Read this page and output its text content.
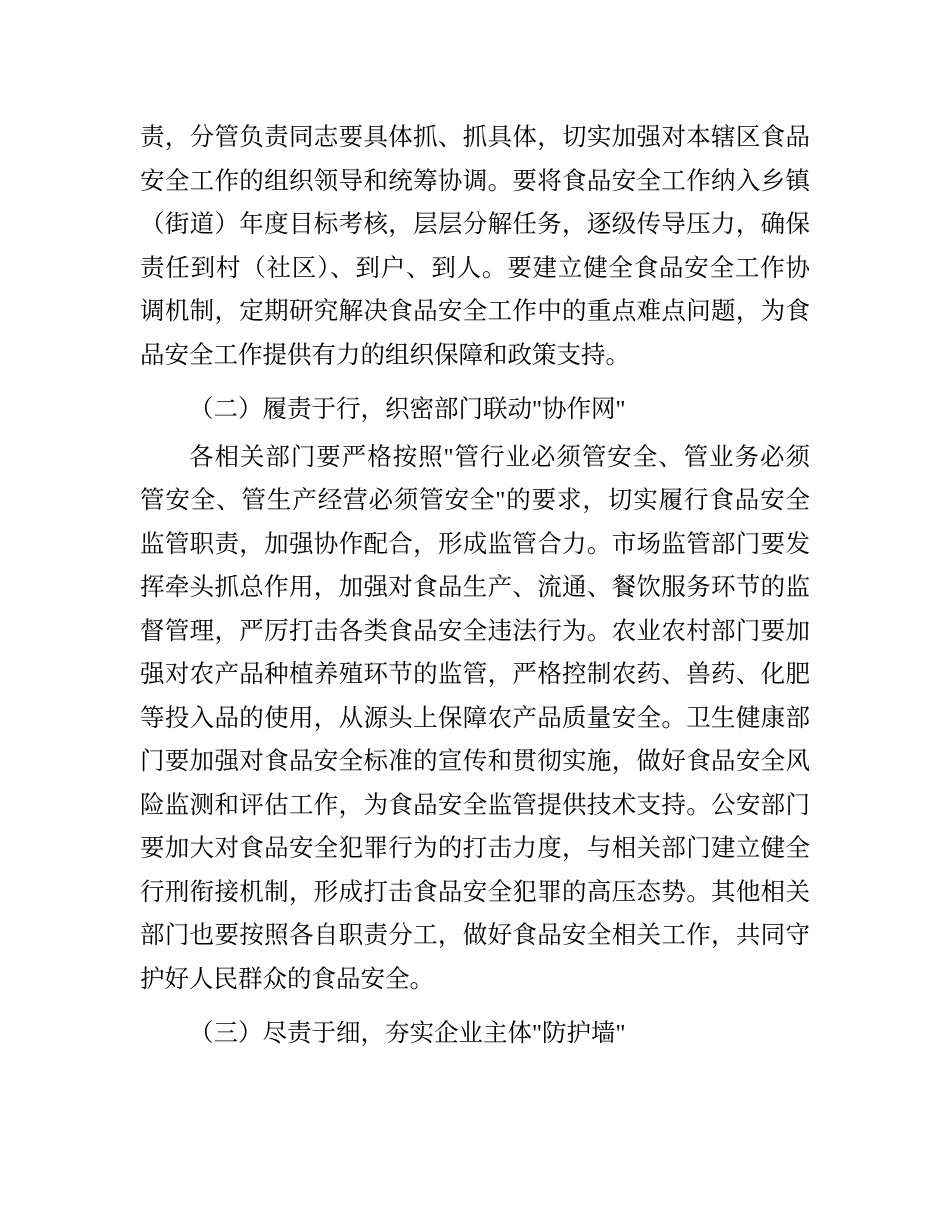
责，分管负责同志要具体抓、抓具体，切实加强对本辖区食品安全工作的组织领导和统筹协调。要将食品安全工作纳入乡镇（街道）年度目标考核，层层分解任务，逐级传导压力，确保责任到村（社区）、到户、到人。要建立健全食品安全工作协调机制，定期研究解决食品安全工作中的重点难点问题，为食品安全工作提供有力的组织保障和政策支持。

（二）履责于行，织密部门联动"协作网"

各相关部门要严格按照"管行业必须管安全、管业务必须管安全、管生产经营必须管安全"的要求，切实履行食品安全监管职责，加强协作配合，形成监管合力。市场监管部门要发挥牵头抓总作用，加强对食品生产、流通、餐饮服务环节的监督管理，严厉打击各类食品安全违法行为。农业农村部门要加强对农产品种植养殖环节的监管，严格控制农药、兽药、化肥等投入品的使用，从源头上保障农产品质量安全。卫生健康部门要加强对食品安全标准的宣传和贯彻实施，做好食品安全风险监测和评估工作，为食品安全监管提供技术支持。公安部门要加大对食品安全犯罪行为的打击力度，与相关部门建立健全行刑衔接机制，形成打击食品安全犯罪的高压态势。其他相关部门也要按照各自职责分工，做好食品安全相关工作，共同守护好人民群众的食品安全。

（三）尽责于细，夯实企业主体"防护墙"
